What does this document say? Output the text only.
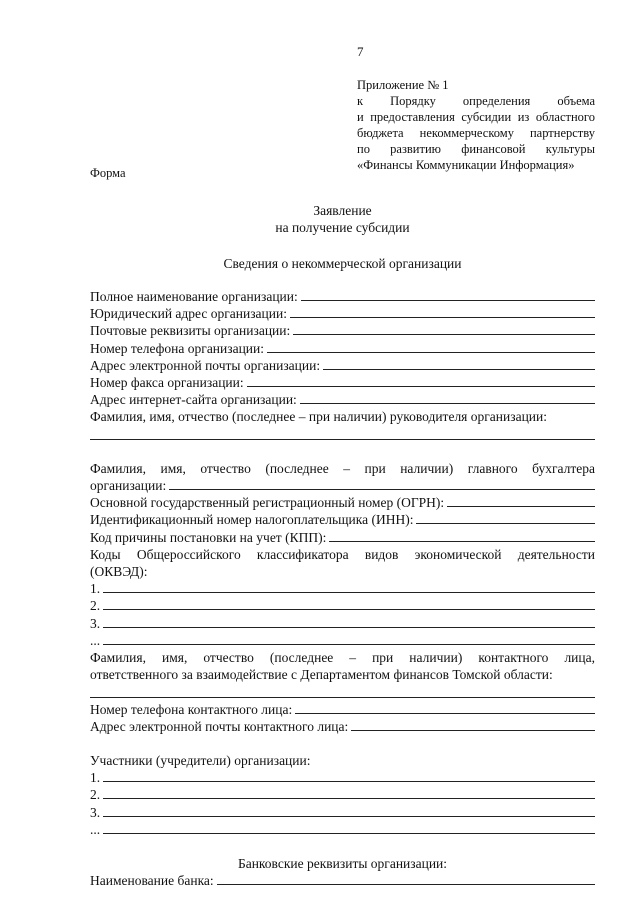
7
Приложение № 1
к Порядку определения объема
и предоставления субсидии из областного
бюджета некоммерческому партнерству
по развитию финансовой культуры
«Финансы Коммуникации Информация»
Форма
Заявление
на получение субсидии
Сведения о некоммерческой организации
Полное наименование организации:
Юридический адрес организации:
Почтовые реквизиты организации:
Номер телефона организации:
Адрес электронной почты организации:
Номер факса организации:
Адрес интернет-сайта организации:
Фамилия, имя, отчество (последнее – при наличии) руководителя организации:
Фамилия, имя, отчество (последнее – при наличии) главного бухгалтера
организации:
Основной государственный регистрационный номер (ОГРН):
Идентификационный номер налогоплательщика (ИНН):
Код причины постановки на учет (КПП):
Коды Общероссийского классификатора видов экономической деятельности
(ОКВЭД):
1.
2.
3.
...
Фамилия, имя, отчество (последнее – при наличии) контактного лица,
ответственного за взаимодействие с Департаментом финансов Томской области:
Номер телефона контактного лица:
Адрес электронной почты контактного лица:
Участники (учредители) организации:
1.
2.
3.
...
Банковские реквизиты организации:
Наименование банка:
